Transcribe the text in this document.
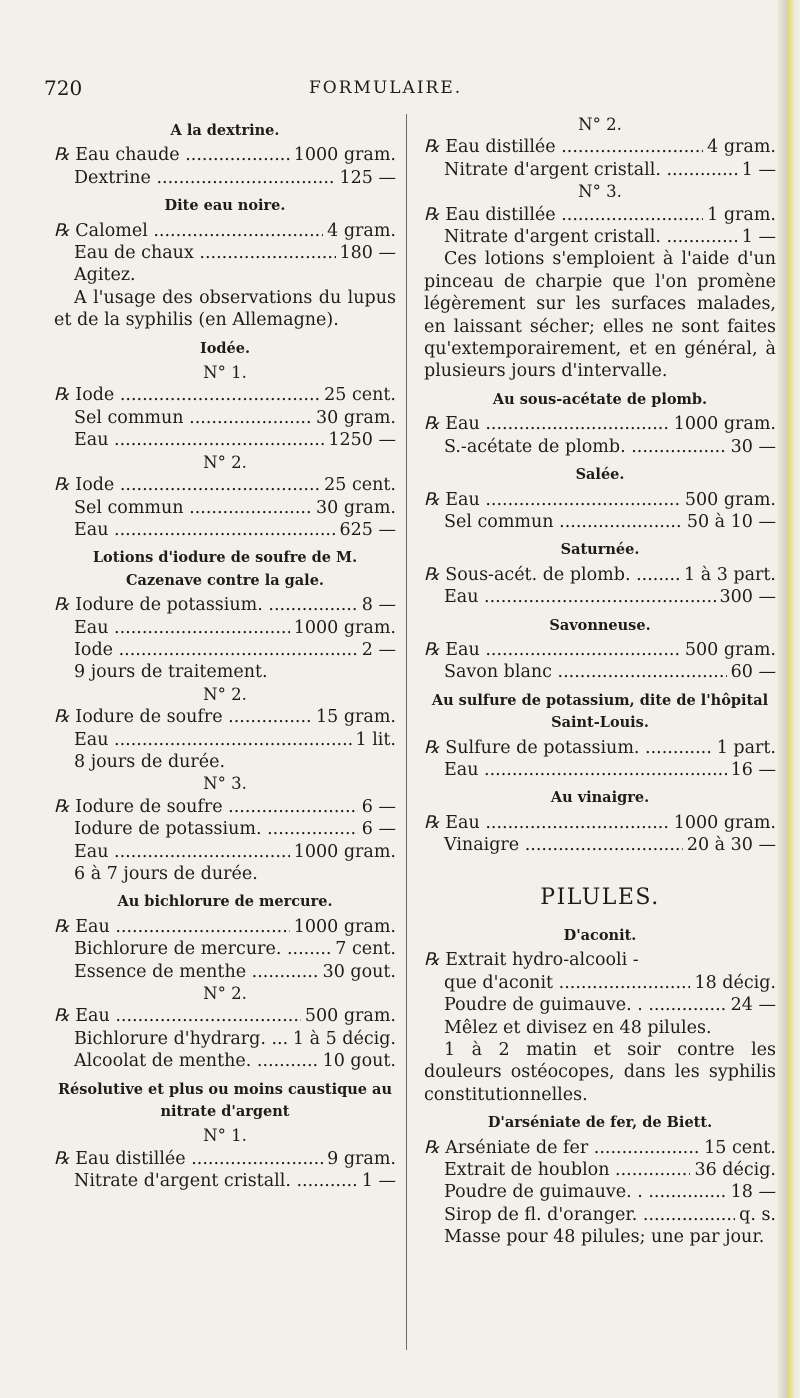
720	FORMULAIRE.
A la dextrine.
℞ Eau chaude .....	1000 gram.
Dextrine .....	125 —
Dite eau noire.
℞ Calomel .....	4 gram.
Eau de chaux .....	180 —
Agitez.
A l'usage des observations du lupus et de la syphilis (en Allemagne).
Iodée.
N° 1.
℞ Iode .....	25 cent.
Sel commun .....	30 gram.
Eau .....	1250 —
N° 2.
℞ Iode .....	25 cent.
Sel commun .....	30 gram.
Eau .....	625 —
Lotions d'iodure de soufre de M. Cazenave contre la gale.
℞ Iodure de potassium. .....	8 —
Eau .....	1000 gram.
Iode .....	2 —
9 jours de traitement.
N° 2.
℞ Iodure de soufre .....	15 gram.
Eau .....	1 lit.
8 jours de durée.
N° 3.
℞ Iodure de soufre .....	6 —
Iodure de potassium. .....	6 —
Eau .....	1000 gram.
6 à 7 jours de durée.
Au bichlorure de mercure.
℞ Eau .....	1000 gram.
Bichlorure de mercure. .....	7 cent.
Essence de menthe .....	30 gout.
N° 2.
℞ Eau .....	500 gram.
Bichlorure d'hydrarg. .....	1 à 5 décig.
Alcoolat de menthe. .....	10 gout.
Résolutive et plus ou moins caustique au nitrate d'argent
N° 1.
℞ Eau distillée .....	9 gram.
Nitrate d'argent cristall. .....	1 —
N° 2.
℞ Eau distillée .....	4 gram.
Nitrate d'argent cristall. .....	1 —
N° 3.
℞ Eau distillée .....	1 gram.
Nitrate d'argent cristall. .....	1 —
Ces lotions s'emploient à l'aide d'un pinceau de charpie que l'on promène légèrement sur les surfaces malades, en laissant sécher; elles ne sont faites qu'extemporairement, et en général, à plusieurs jours d'intervalle.
Au sous-acétate de plomb.
℞ Eau .....	1000 gram.
S.-acétate de plomb. .....	30 —
Salée.
℞ Eau .....	500 gram.
Sel commun .....	50 à 10 —
Saturnée.
℞ Sous-acét. de plomb. .....	1 à 3 part.
Eau .....	300 —
Savonneuse.
℞ Eau .....	500 gram.
Savon blanc .....	60 —
Au sulfure de potassium, dite de l'hôpital Saint-Louis.
℞ Sulfure de potassium. .....	1 part.
Eau .....	16 —
Au vinaigre.
℞ Eau .....	1000 gram.
Vinaigre .....	20 à 30 —
PILULES.
D'aconit.
℞ Extrait hydro-alcooli -
que d'aconit .....	18 décig.
Poudre de guimauve. . .....	24 —
Mêlez et divisez en 48 pilules.
1 à 2 matin et soir contre les douleurs ostéocopes, dans les syphilis constitutionnelles.
D'arséniate de fer, de Biett.
℞ Arséniate de fer .....	15 cent.
Extrait de houblon .....	36 décig.
Poudre de guimauve. . .....	18 —
Sirop de fl. d'oranger. .....	q. s.
Masse pour 48 pilules; une par jour.
